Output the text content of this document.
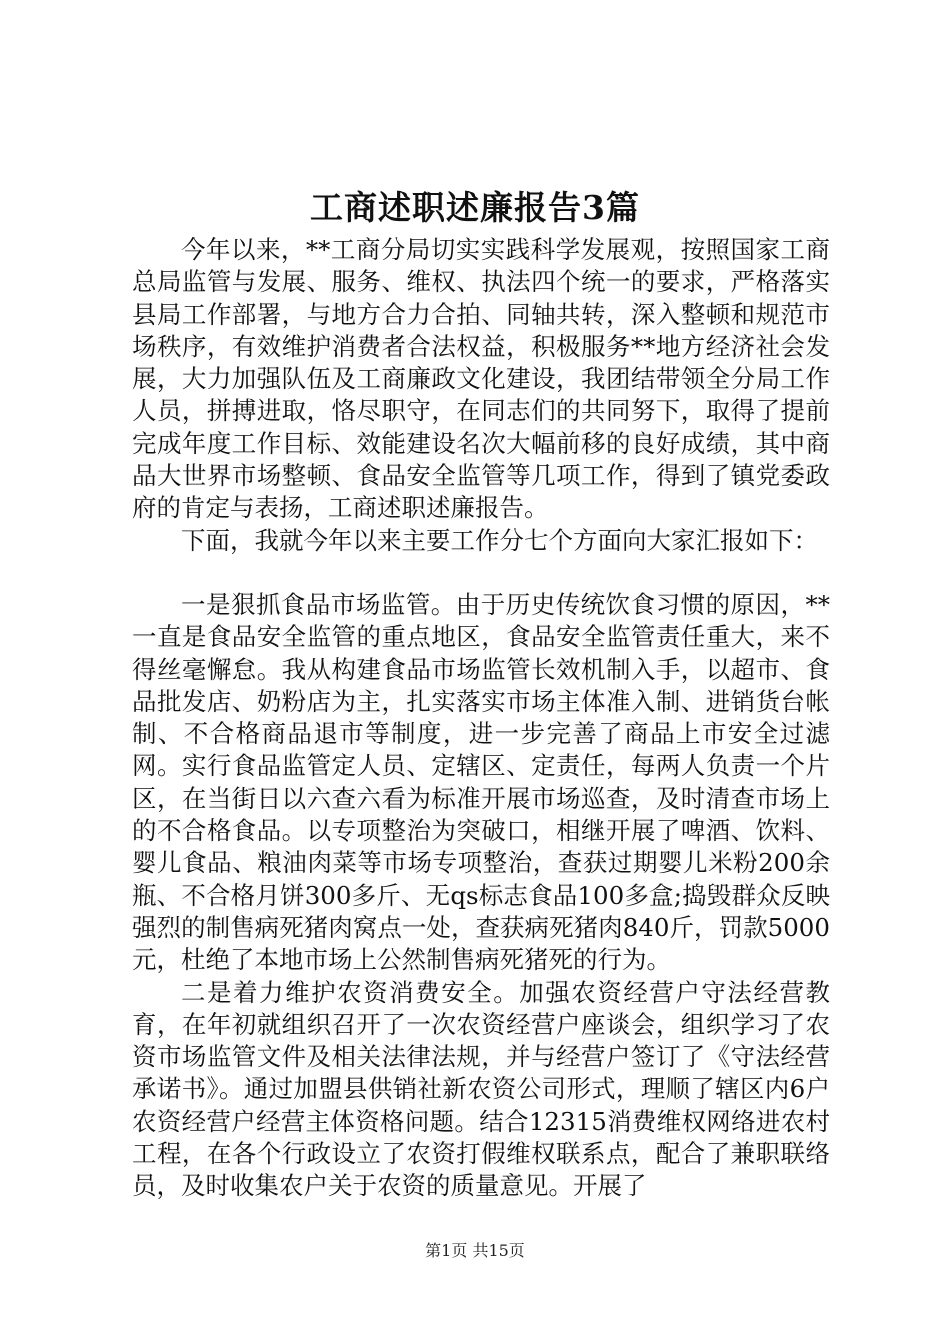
工商述职述廉报告3篇

今年以来，**工商分局切实实践科学发展观，按照国家工商总局监管与发展、服务、维权、执法四个统一的要求，严格落实县局工作部署，与地方合力合拍、同轴共转，深入整顿和规范市场秩序，有效维护消费者合法权益，积极服务**地方经济社会发展，大力加强队伍及工商廉政文化建设，我团结带领全分局工作人员，拼搏进取，恪尽职守，在同志们的共同努下，取得了提前完成年度工作目标、效能建设名次大幅前移的良好成绩，其中商品大世界市场整顿、食品安全监管等几项工作，得到了镇党委政府的肯定与表扬，工商述职述廉报告。

下面，我就今年以来主要工作分七个方面向大家汇报如下：

一是狠抓食品市场监管。由于历史传统饮食习惯的原因，**一直是食品安全监管的重点地区，食品安全监管责任重大，来不得丝毫懈怠。我从构建食品市场监管长效机制入手，以超市、食品批发店、奶粉店为主，扎实落实市场主体准入制、进销货台帐制、不合格商品退市等制度，进一步完善了商品上市安全过滤网。实行食品监管定人员、定辖区、定责任，每两人负责一个片区，在当街日以六查六看为标准开展市场巡查，及时清查市场上的不合格食品。以专项整治为突破口，相继开展了啤酒、饮料、婴儿食品、粮油肉菜等市场专项整治，查获过期婴儿米粉200余瓶、不合格月饼300多斤、无qs标志食品100多盒;捣毁群众反映强烈的制售病死猪肉窝点一处，查获病死猪肉840斤，罚款5000元，杜绝了本地市场上公然制售病死猪死的行为。

二是着力维护农资消费安全。加强农资经营户守法经营教育，在年初就组织召开了一次农资经营户座谈会，组织学习了农资市场监管文件及相关法律法规，并与经营户签订了《守法经营承诺书》。通过加盟县供销社新农资公司形式，理顺了辖区内6户农资经营户经营主体资格问题。结合12315消费维权网络进农村工程，在各个行政设立了农资打假维权联系点，配合了兼职联络员，及时收集农户关于农资的质量意见。开展了

第1页 共15页
